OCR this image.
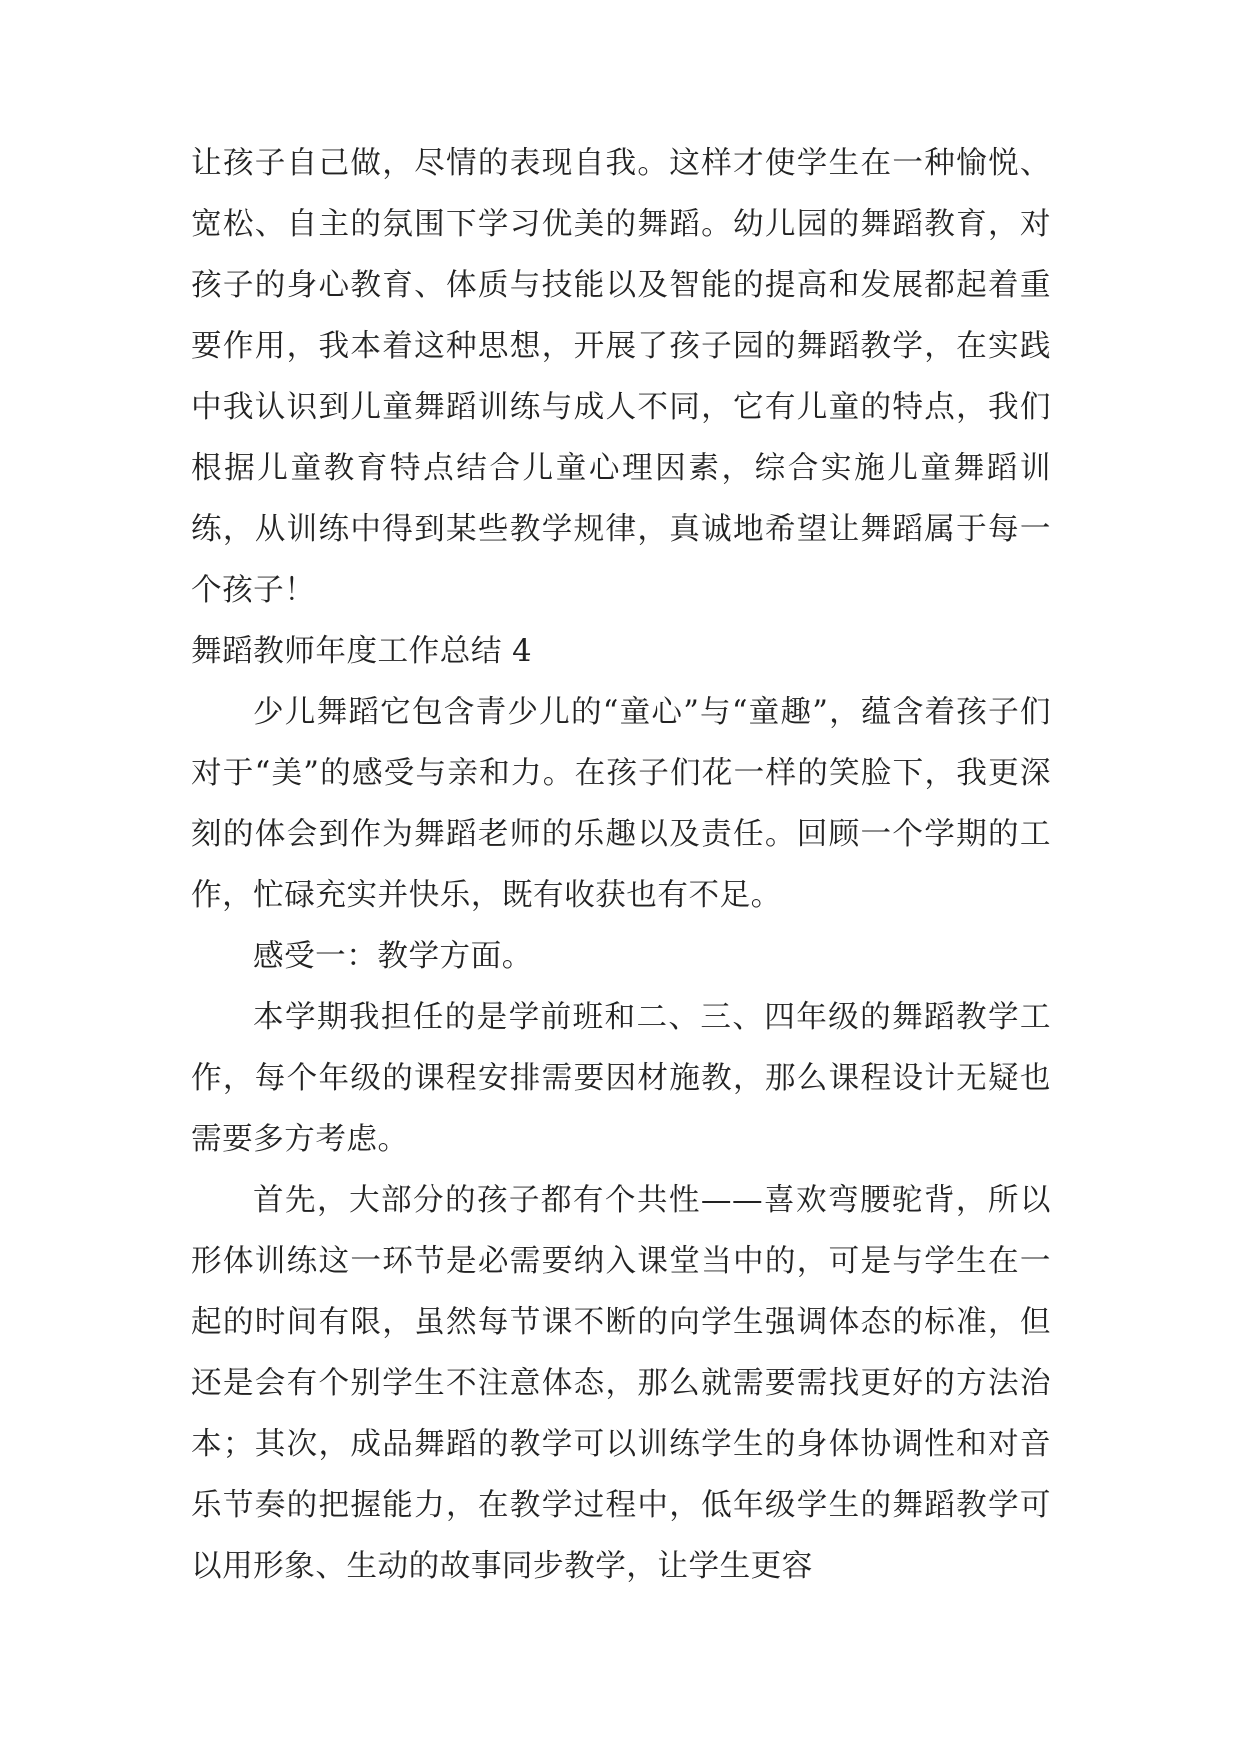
让孩子自己做，尽情的表现自我。这样才使学生在一种愉悦、宽松、自主的氛围下学习优美的舞蹈。幼儿园的舞蹈教育，对孩子的身心教育、体质与技能以及智能的提高和发展都起着重要作用，我本着这种思想，开展了孩子园的舞蹈教学，在实践中我认识到儿童舞蹈训练与成人不同，它有儿童的特点，我们根据儿童教育特点结合儿童心理因素，综合实施儿童舞蹈训练，从训练中得到某些教学规律，真诚地希望让舞蹈属于每一个孩子！

舞蹈教师年度工作总结 4

少儿舞蹈它包含青少儿的“童心”与“童趣”，蕴含着孩子们对于“美”的感受与亲和力。在孩子们花一样的笑脸下，我更深刻的体会到作为舞蹈老师的乐趣以及责任。回顾一个学期的工作，忙碌充实并快乐，既有收获也有不足。

感受一：教学方面。

本学期我担任的是学前班和二、三、四年级的舞蹈教学工作，每个年级的课程安排需要因材施教，那么课程设计无疑也需要多方考虑。

首先，大部分的孩子都有个共性——喜欢弯腰驼背，所以形体训练这一环节是必需要纳入课堂当中的，可是与学生在一起的时间有限，虽然每节课不断的向学生强调体态的标准，但还是会有个别学生不注意体态，那么就需要需找更好的方法治本；其次，成品舞蹈的教学可以训练学生的身体协调性和对音乐节奏的把握能力，在教学过程中，低年级学生的舞蹈教学可以用形象、生动的故事同步教学，让学生更容
